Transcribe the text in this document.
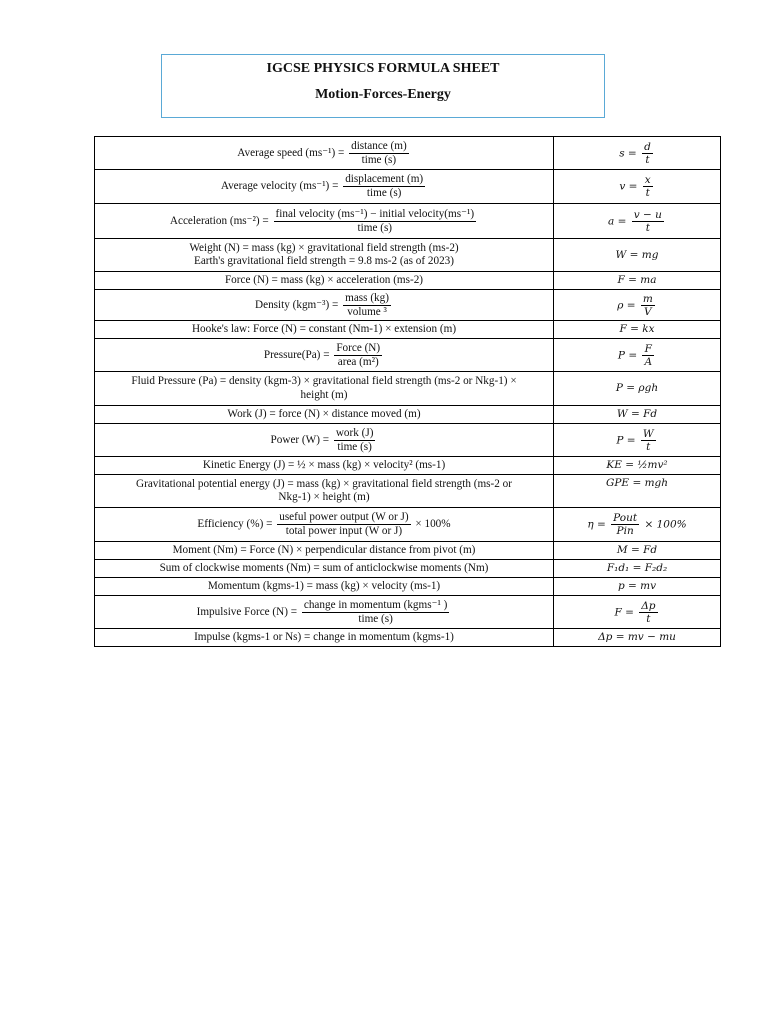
IGCSE PHYSICS FORMULA SHEET
Motion-Forces-Energy
Average speed $(ms^{-1}) = \frac{\text{distance (m)}}{\text{time (s)}}$	$s = \frac{d}{t}$

Average velocity $(ms^{-1}) = \frac{\text{displacement (m)}}{\text{time (s)}}$	$v = \frac{x}{t}$

Acceleration $(ms^{-2}) = \frac{\text{final velocity (ms⁻¹) − initial velocity(ms⁻¹)}}{\text{time (s)}}$	$a = \frac{v - u}{t}$

Weight (N) = mass (kg) × gravitational field strength (ms-2)
Earth's gravitational field strength = 9.8 ms-2 (as of 2023)	W = mg
Force (N) = mass (kg) × acceleration (ms-2)	F = ma
Density $(kgm^{-3}) = \frac{\text{mass (kg)}}{\text{volume ³}}$	$\rho = \frac{m}{V}$

Hooke's law: Force (N) = constant (Nm-1) × extension (m)	F = kx
Pressure(Pa) = $\frac{\text{Force (N)}}{\text{area (m²)}}$	$P = \frac{F}{A}$

Fluid Pressure (Pa) = density (kgm-3) × gravitational field strength (ms-2 or Nkg-1) ×
height (m)	P = ρgh
Work (J) = force (N) × distance moved (m)	W = Fd
Power $(W) = \frac{\text{work (J)}}{\text{time (s)}}$	$P = \frac{W}{t}$

Kinetic Energy (J) = ½ × mass (kg) × velocity² (ms-1)	KE = ½mv²

Gravitational potential energy (J) = mass (kg) × gravitational field strength (ms-2 or
Nkg-1) × height (m)	GPE = mgh
Efficiency (%) = $\frac{\text{useful power output (W or J)}}{\text{total power input (W or J)}} \times 100\%$	$\eta = \frac{\text{Pout}}{\text{Pin}} \times 100\%$
Moment (Nm) = Force (N) × perpendicular distance from pivot (m)	M = Fd
Sum of clockwise moments (Nm) = sum of anticlockwise moments (Nm)	F₁d₁ = F₂d₂
Momentum (kgms-1) = mass (kg) × velocity (ms-1)	p = mv
Impulsive Force $(N) = \frac{\text{change in momentum (kgms⁻¹ )}}{\text{time (s)}}$	$F = \frac{\Delta p}{t}$

Impulse (kgms-1 or Ns) = change in momentum (kgms-1)	Δp = mv − mu
